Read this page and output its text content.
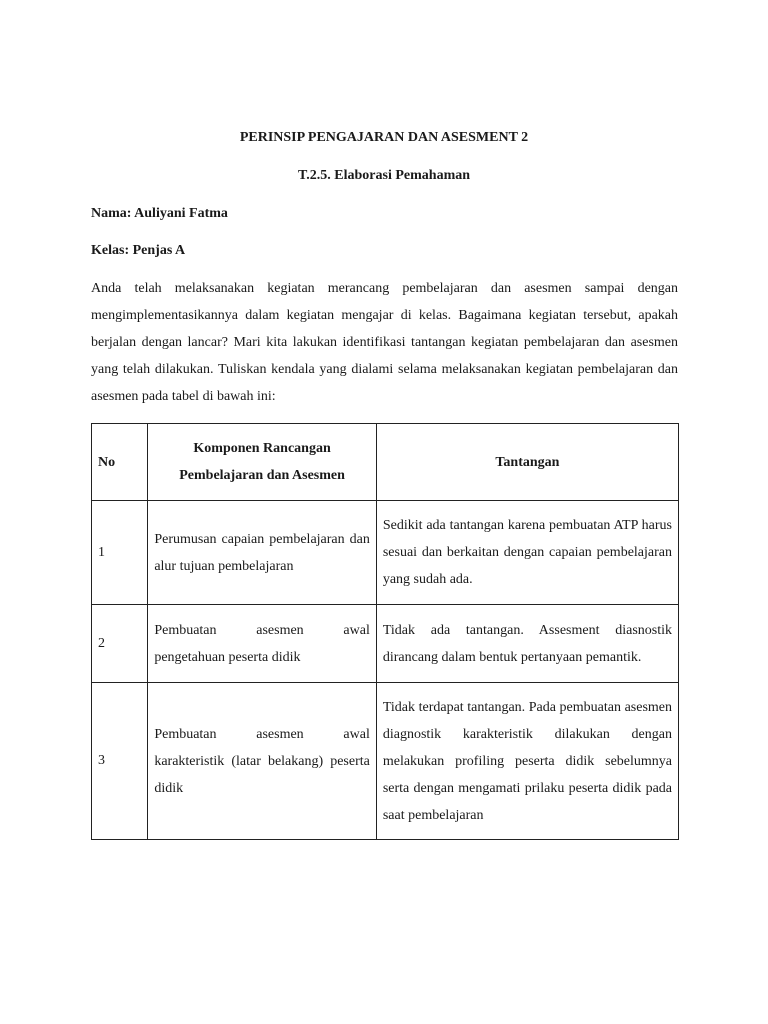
PERINSIP PENGAJARAN DAN ASESMENT 2
T.2.5. Elaborasi Pemahaman
Nama: Auliyani Fatma
Kelas: Penjas A

Anda telah melaksanakan kegiatan merancang pembelajaran dan asesmen sampai dengan mengimplementasikannya dalam kegiatan mengajar di kelas. Bagaimana kegiatan tersebut, apakah berjalan dengan lancar? Mari kita lakukan identifikasi tantangan kegiatan pembelajaran dan asesmen yang telah dilakukan. Tuliskan kendala yang dialami selama melaksanakan kegiatan pembelajaran dan asesmen pada tabel di bawah ini:

No	Komponen Rancangan Pembelajaran dan Asesmen	Tantangan
1	Perumusan capaian pembelajaran dan alur tujuan pembelajaran	Sedikit ada tantangan karena pembuatan ATP harus sesuai dan berkaitan dengan capaian pembelajaran yang sudah ada.
2	Pembuatan asesmen awal pengetahuan peserta didik	Tidak ada tantangan. Assesment diasnostik dirancang dalam bentuk pertanyaan pemantik.
3	Pembuatan asesmen awal karakteristik (latar belakang) peserta didik	Tidak terdapat tantangan. Pada pembuatan asesmen diagnostik karakteristik dilakukan dengan melakukan profiling peserta didik sebelumnya serta dengan mengamati prilaku peserta didik pada saat pembelajaran
